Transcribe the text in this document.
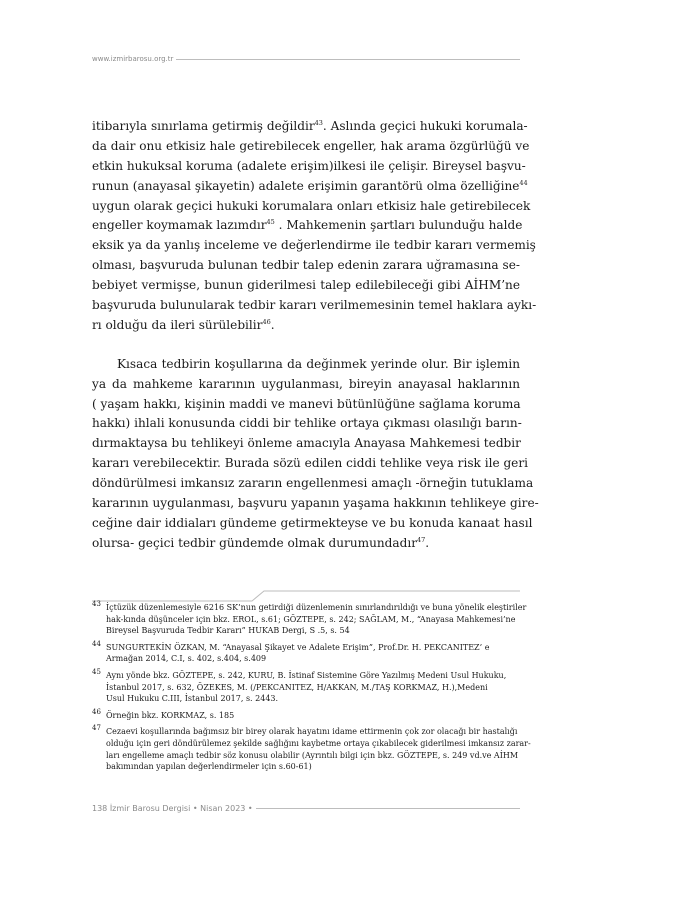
www.izmirbarosu.org.tr
itibarıyla sınırlama getirmiş değildir$^{43}$. Aslında geçici hukuki korumala-
da dair onu etkisiz hale getirebilecek engeller, hak arama özgürlüğü ve
etkin hukuksal koruma (adalete erişim)ilkesi ile çelişir. Bireysel başvu-
runun (anayasal şikayetin) adalete erişimin garantörü olma özelliğine$^{44}$
uygun olarak geçici hukuki korumalara onları etkisiz hale getirebilecek
engeller koymamak lazımdır$^{45}$ . Mahkemenin şartları bulunduğu halde
eksik ya da yanlış inceleme ve değerlendirme ile tedbir kararı vermemiş
olması, başvuruda bulunan tedbir talep edenin zarara uğramasına se-
bebiyet vermişse, bunun giderilmesi talep edilebileceği gibi AİHM’ne
başvuruda bulunularak tedbir kararı verilmemesinin temel haklara aykı-
rı olduğu da ileri sürülebilir$^{46}$.
Kısaca tedbirin koşullarına da değinmek yerinde olur. Bir işlemin
ya da mahkeme kararının uygulanması, bireyin anayasal haklarının
( yaşam hakkı, kişinin maddi ve manevi bütünlüğüne sağlama koruma
hakkı) ihlali konusunda ciddi bir tehlike ortaya çıkması olasılığı barın-
dırmaktaysa bu tehlikeyi önleme amacıyla Anayasa Mahkemesi tedbir
kararı verebilecektir. Burada sözü edilen ciddi tehlike veya risk ile geri
döndürülmesi imkansız zararın engellenmesi amaçlı -örneğin tutuklama
kararının uygulanması, başvuru yapanın yaşama hakkının tehlikeye gire-
ceğine dair iddiaları gündeme getirmekteyse ve bu konuda kanaat hasıl
olursa- geçici tedbir gündemde olmak durumundadır$^{47}$.
43 İçtüzük düzenlemesiyle 6216 SK’nun getirdiği düzenlemenin sınırlandırıldığı ve buna yönelik eleştiriler
hak-kında düşünceler için bkz. EROL, s.61; GÖZTEPE, s. 242; SAĞLAM, M., “Anayasa Mahkemesi’ne
Bireysel Başvuruda Tedbir Kararı” HUKAB Dergi, S .5, s. 54
44 SUNGURTEKİN ÖZKAN, M. “Anayasal Şikayet ve Adalete Erişim”, Prof.Dr. H. PEKCANITEZ’ e
Armağan 2014, C.I, s. 402, s.404, s.409
45 Aynı yönde bkz. GÖZTEPE, s. 242, KURU, B. İstinaf Sistemine Göre Yazılmış Medeni Usul Hukuku,
İstanbul 2017, s. 632, ÖZEKES, M. (/PEKCANITEZ, H/AKKAN, M./TAŞ KORKMAZ, H.),Medeni
Usul Hukuku C.III, İstanbul 2017, s. 2443.
46 Örneğin bkz. KORKMAZ, s. 185
47 Cezaevi koşullarında bağımsız bir birey olarak hayatını idame ettirmenin çok zor olacağı bir hastalığı
olduğu için geri döndürülemez şekilde sağlığını kaybetme ortaya çıkabilecek giderilmesi imkansız zarar-
ları engelleme amaçlı tedbir söz konusu olabilir (Ayrıntılı bilgi için bkz. GÖZTEPE, s. 249 vd.ve AİHM
bakımından yapılan değerlendirmeler için s.60-61)
138 İzmir Barosu Dergisi • Nisan 2023 •
